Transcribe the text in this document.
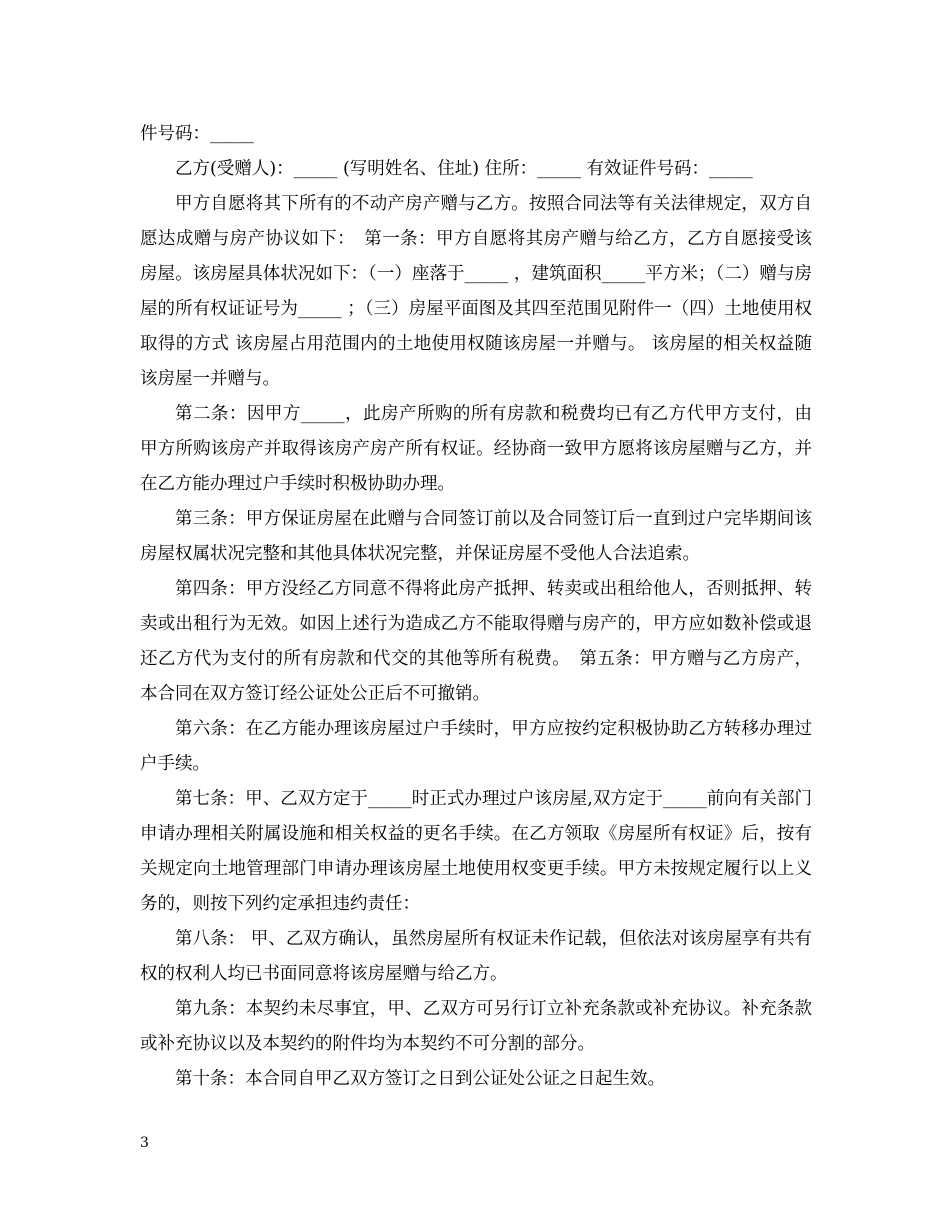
件号码：_____

乙方(受赠人)：_____ (写明姓名、住址) 住所：_____ 有效证件号码：_____

甲方自愿将其下所有的不动产房产赠与乙方。按照合同法等有关法律规定，双方自愿达成赠与房产协议如下：　第一条：甲方自愿将其房产赠与给乙方，乙方自愿接受该房屋。该房屋具体状况如下：（一）座落于_____ ，建筑面积_____平方米；（二）赠与房屋的所有权证证号为_____ ；（三）房屋平面图及其四至范围见附件一（四）土地使用权取得的方式 该房屋占用范围内的土地使用权随该房屋一并赠与。 该房屋的相关权益随该房屋一并赠与。

第二条：因甲方_____，此房产所购的所有房款和税费均已有乙方代甲方支付，由甲方所购该房产并取得该房产房产所有权证。经协商一致甲方愿将该房屋赠与乙方，并在乙方能办理过户手续时积极协助办理。

第三条：甲方保证房屋在此赠与合同签订前以及合同签订后一直到过户完毕期间该房屋权属状况完整和其他具体状况完整，并保证房屋不受他人合法追索。

第四条：甲方没经乙方同意不得将此房产抵押、转卖或出租给他人，否则抵押、转卖或出租行为无效。如因上述行为造成乙方不能取得赠与房产的，甲方应如数补偿或退还乙方代为支付的所有房款和代交的其他等所有税费。　第五条：甲方赠与乙方房产，本合同在双方签订经公证处公正后不可撤销。

第六条：在乙方能办理该房屋过户手续时，甲方应按约定积极协助乙方转移办理过户手续。

第七条：甲、乙双方定于_____时正式办理过户该房屋,双方定于_____前向有关部门申请办理相关附属设施和相关权益的更名手续。在乙方领取《房屋所有权证》后，按有关规定向土地管理部门申请办理该房屋土地使用权变更手续。甲方未按规定履行以上义务的，则按下列约定承担违约责任：

第八条： 甲、乙双方确认，虽然房屋所有权证未作记载，但依法对该房屋享有共有权的权利人均已书面同意将该房屋赠与给乙方。

第九条：本契约未尽事宜，甲、乙双方可另行订立补充条款或补充协议。补充条款或补充协议以及本契约的附件均为本契约不可分割的部分。

第十条：本合同自甲乙双方签订之日到公证处公证之日起生效。

3
